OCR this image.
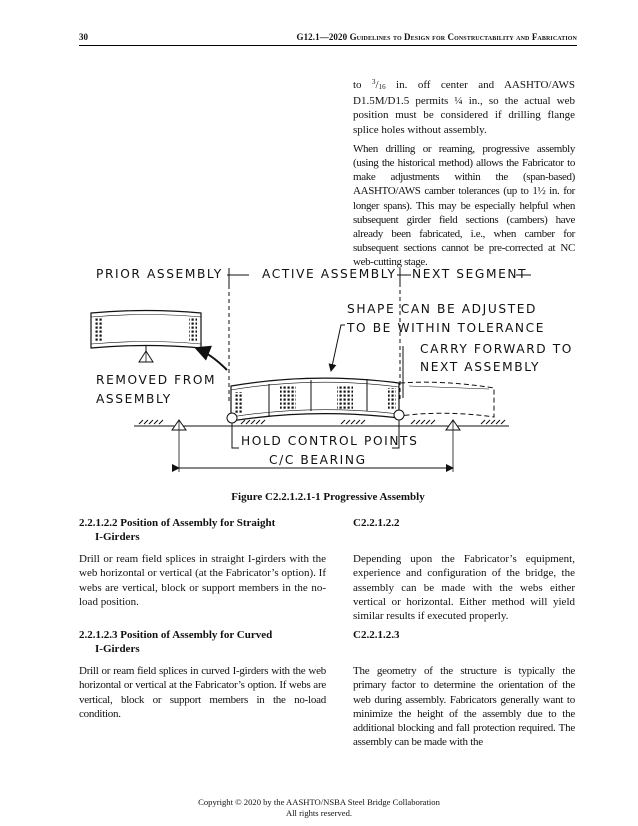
30	G12.1—2020 Guidelines to Design for Constructability and Fabrication

to $^3/_{16}$ in. off center and AASHTO/AWS D1.5M/D1.5 permits ¼ in., so the actual web position must be considered if drilling flange splice holes without assembly.

When drilling or reaming, progressive assembly (using the historical method) allows the Fabricator to make adjustments within the (span-based) AASHTO/AWS camber tolerances (up to 1½ in. for longer spans). This may be especially helpful when subsequent girder field sections (cambers) have already been fabricated, i.e., when camber for subsequent sections cannot be pre-corrected at NC web-cutting stage.

PRIOR ASSEMBLY	ACTIVE ASSEMBLY NEXT SEGMENT
REMOVED FROM
ASSEMBLY
SHAPE CAN BE ADJUSTED
TO BE WITHIN TOLERANCE
CARRY FORWARD TO
NEXT ASSEMBLY
HOLD CONTROL POINTS
C/C BEARING
Figure C2.2.1.2.1-1 Progressive Assembly
2.2.1.2.2 Position of Assembly for Straight
I-Girders

Drill or ream field splices in straight I-girders with the web horizontal or vertical (at the Fabricator’s option). If webs are vertical, block or support members in the no-load position.

C2.2.1.2.2

Depending upon the Fabricator’s equipment, experience and configuration of the bridge, the assembly can be made with the webs either vertical or horizontal. Either method will yield similar results if executed properly.

2.2.1.2.3 Position of Assembly for Curved
I-Girders

Drill or ream field splices in curved I-girders with the web horizontal or vertical at the Fabricator’s option. If webs are vertical, block or support members in the no-load condition.

C2.2.1.2.3

The geometry of the structure is typically the primary factor to determine the orientation of the web during assembly. Fabricators generally want to minimize the height of the assembly due to the additional blocking and fall protection required. The assembly can be made with the

Copyright © 2020 by the AASHTO/NSBA Steel Bridge Collaboration
All rights reserved.
